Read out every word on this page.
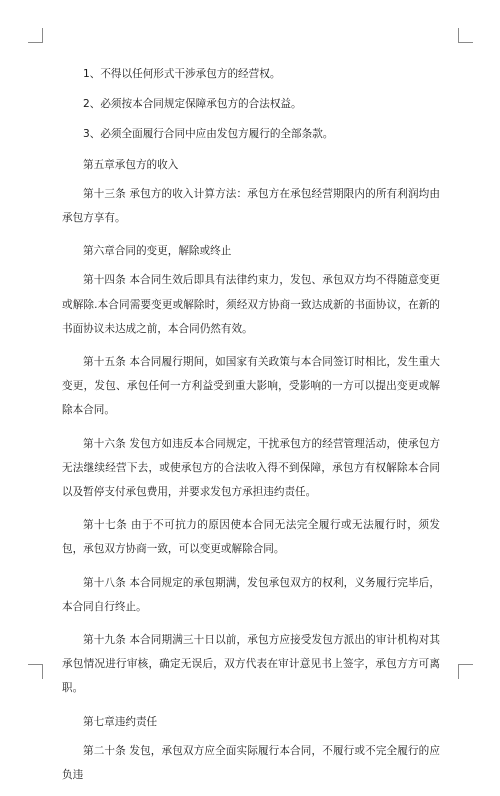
1、不得以任何形式干涉承包方的经营权。

2、必须按本合同规定保障承包方的合法权益。

3、必须全面履行合同中应由发包方履行的全部条款。

第五章承包方的收入

第十三条 承包方的收入计算方法：承包方在承包经营期限内的所有利润均由承包方享有。

第六章合同的变更，解除或终止

第十四条 本合同生效后即具有法律约束力，发包、承包双方均不得随意变更或解除.本合同需要变更或解除时，须经双方协商一致达成新的书面协议，在新的书面协议未达成之前，本合同仍然有效。

第十五条 本合同履行期间，如国家有关政策与本合同签订时相比，发生重大变更，发包、承包任何一方利益受到重大影响，受影响的一方可以提出变更或解除本合同。

第十六条 发包方如违反本合同规定，干扰承包方的经营管理活动，使承包方无法继续经营下去，或使承包方的合法收入得不到保障，承包方有权解除本合同以及暂停支付承包费用，并要求发包方承担违约责任。

第十七条 由于不可抗力的原因使本合同无法完全履行或无法履行时，须发包，承包双方协商一致，可以变更或解除合同。

第十八条 本合同规定的承包期满，发包承包双方的权利，义务履行完毕后，本合同自行终止。

第十九条 本合同期满三十日以前，承包方应接受发包方派出的审计机构对其承包情况进行审核，确定无误后，双方代表在审计意见书上签字，承包方方可离职。

第七章违约责任

第二十条 发包，承包双方应全面实际履行本合同，不履行或不完全履行的应负违
